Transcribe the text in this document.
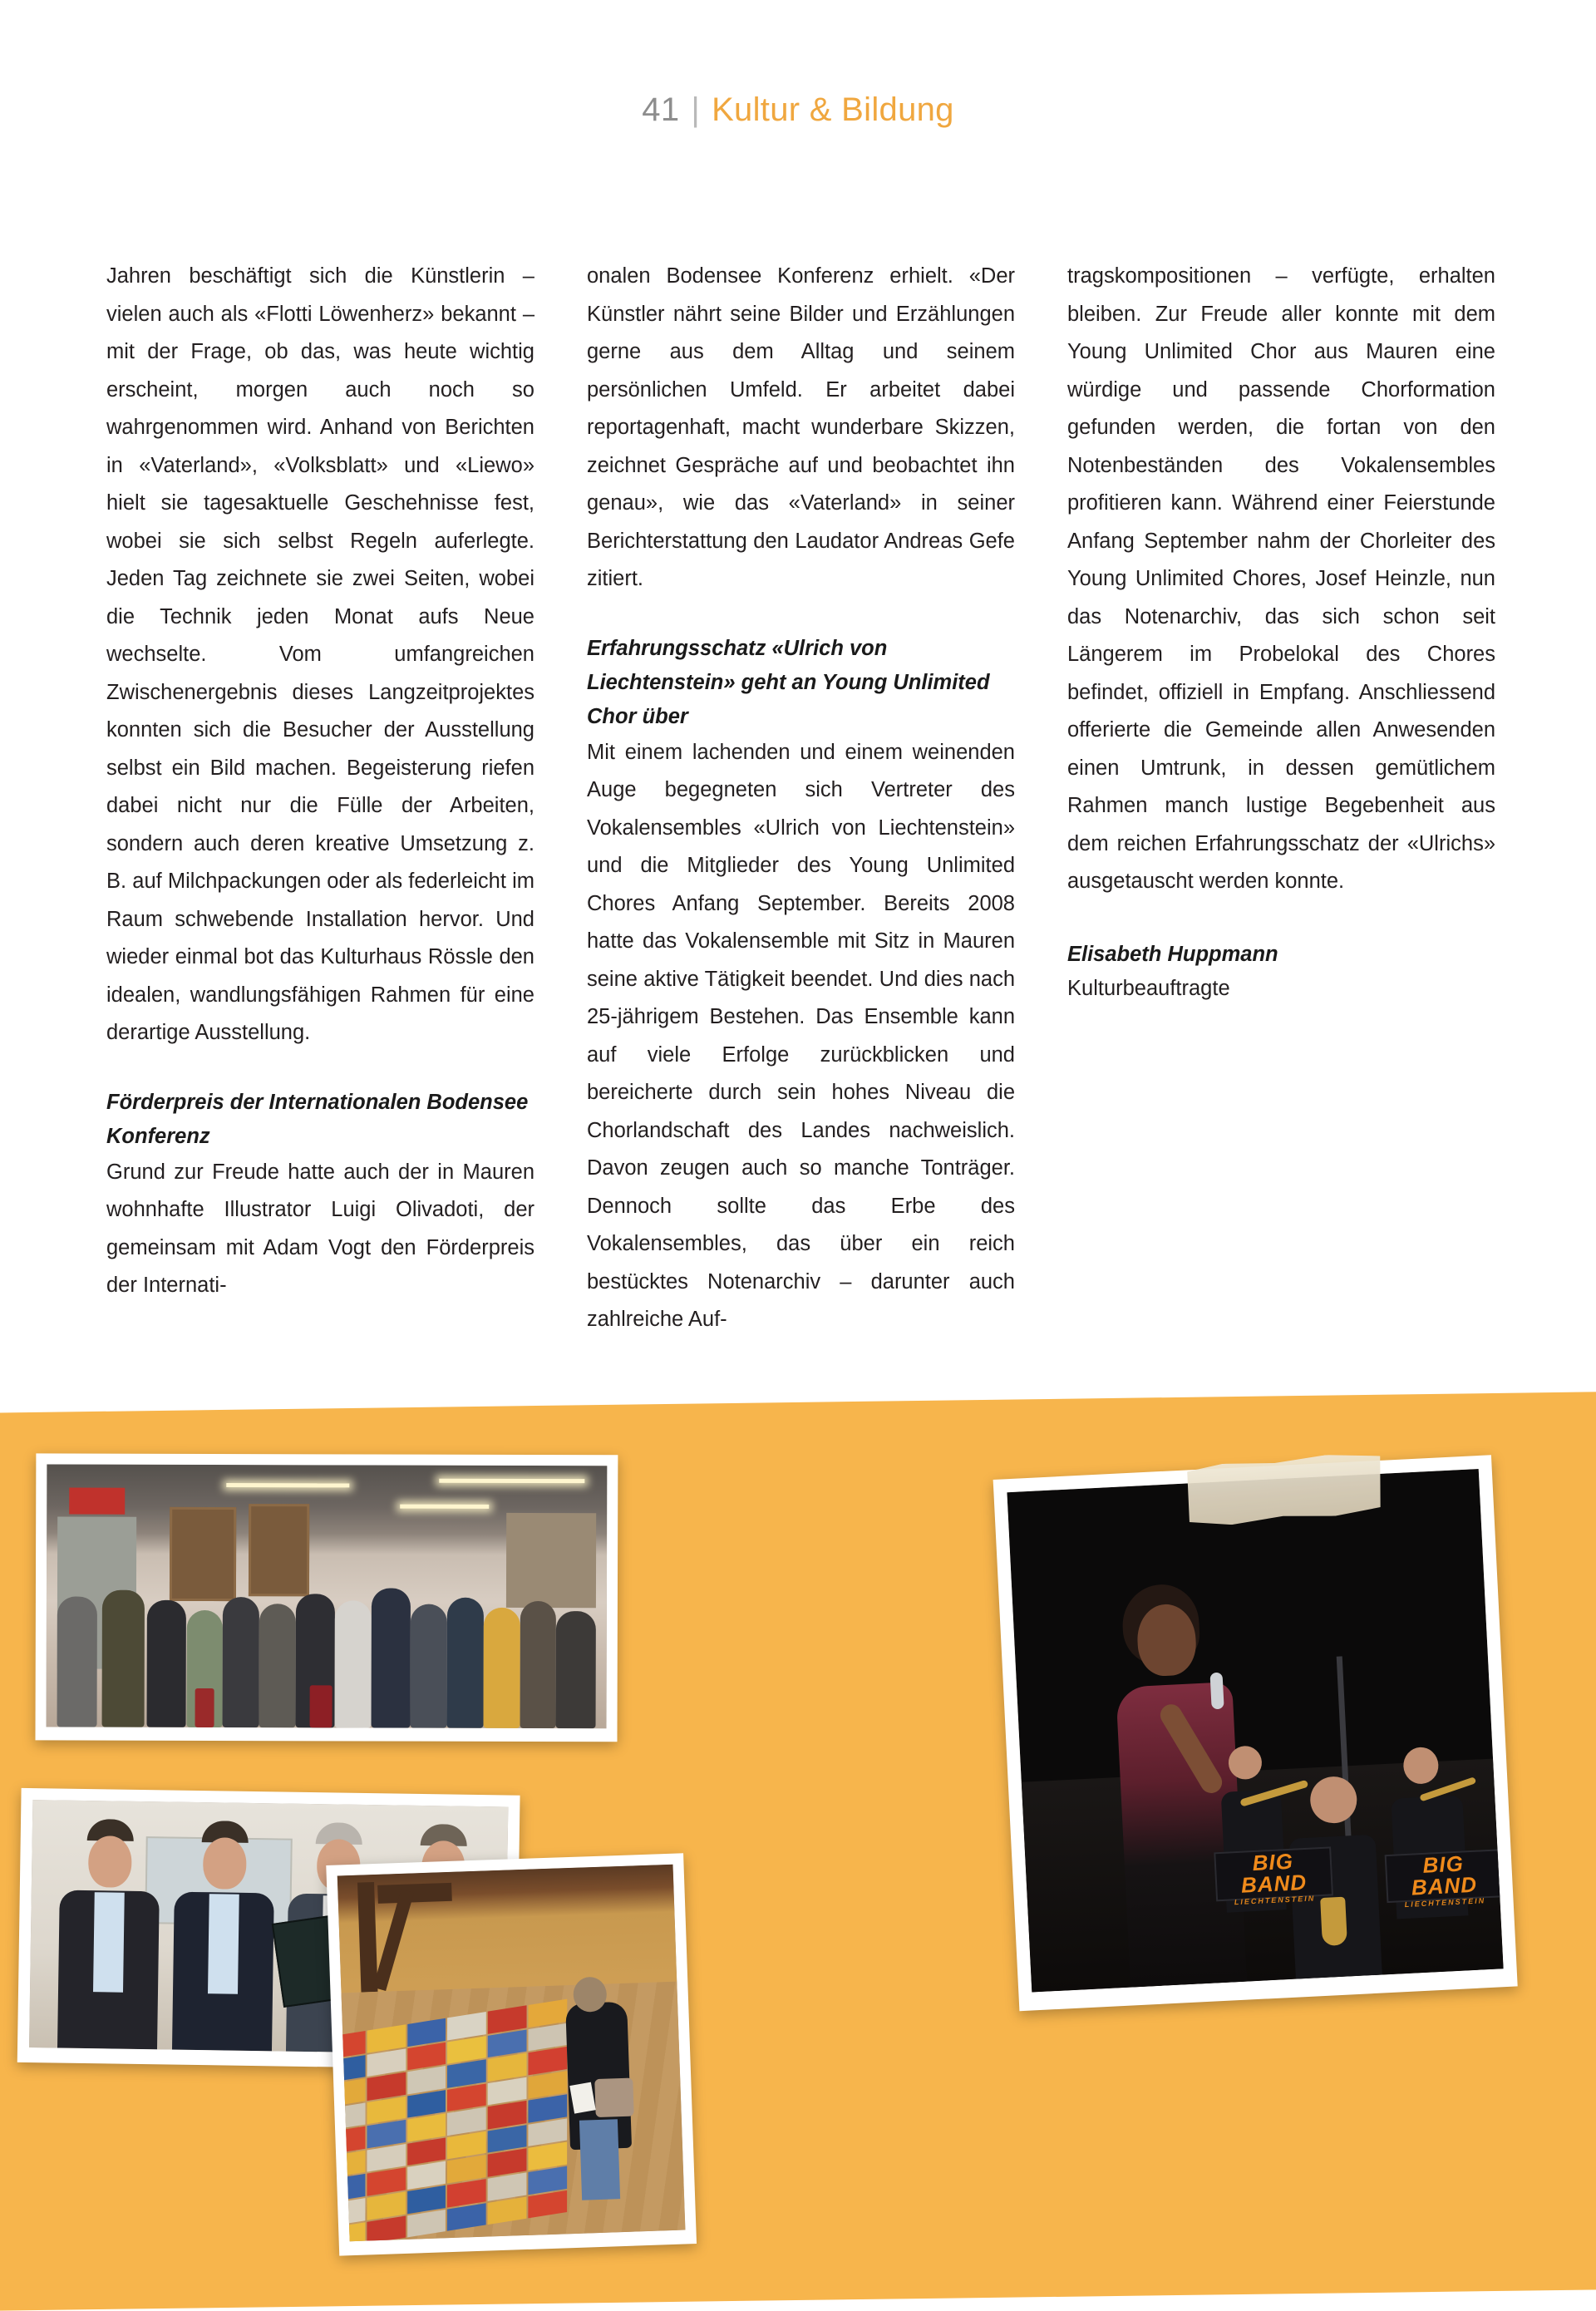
41 | Kultur & Bildung

Jahren beschäftigt sich die Künstlerin – vielen auch als «Flotti Löwenherz» bekannt – mit der Frage, ob das, was heute wichtig erscheint, morgen auch noch so wahrgenommen wird. Anhand von Berichten in «Vaterland», «Volksblatt» und «Liewo» hielt sie tagesaktuelle Geschehnisse fest, wobei sie sich selbst Regeln auferlegte. Jeden Tag zeichnete sie zwei Seiten, wobei die Technik jeden Monat aufs Neue wechselte. Vom umfangreichen Zwischenergebnis dieses Langzeitprojektes konnten sich die Besucher der Ausstellung selbst ein Bild machen. Begeisterung riefen dabei nicht nur die Fülle der Arbeiten, sondern auch deren kreative Umsetzung z. B. auf Milchpackungen oder als federleicht im Raum schwebende Installation hervor. Und wieder einmal bot das Kulturhaus Rössle den idealen, wandlungsfähigen Rahmen für eine derartige Ausstellung.

Förderpreis der Internationalen Bodensee Konferenz

Grund zur Freude hatte auch der in Mauren wohnhafte Illustrator Luigi Olivadoti, der gemeinsam mit Adam Vogt den Förderpreis der Internati-

onalen Bodensee Konferenz erhielt. «Der Künstler nährt seine Bilder und Erzählungen gerne aus dem Alltag und seinem persönlichen Umfeld. Er arbeitet dabei reportagenhaft, macht wunderbare Skizzen, zeichnet Gespräche auf und beobachtet ihn genau», wie das «Vaterland» in seiner Berichterstattung den Laudator Andreas Gefe zitiert.

Erfahrungsschatz «Ulrich von Liechtenstein» geht an Young Unlimited Chor über

Mit einem lachenden und einem weinenden Auge begegneten sich Vertreter des Vokalensembles «Ulrich von Liechtenstein» und die Mitglieder des Young Unlimited Chores Anfang September. Bereits 2008 hatte das Vokalensemble mit Sitz in Mauren seine aktive Tätigkeit beendet. Und dies nach 25-jährigem Bestehen. Das Ensemble kann auf viele Erfolge zurückblicken und bereicherte durch sein hohes Niveau die Chorlandschaft des Landes nachweislich. Davon zeugen auch so manche Tonträger. Dennoch sollte das Erbe des Vokalensembles, das über ein reich bestücktes Notenarchiv – darunter auch zahlreiche Auf-

tragskompositionen – verfügte, erhalten bleiben. Zur Freude aller konnte mit dem Young Unlimited Chor aus Mauren eine würdige und passende Chorformation gefunden werden, die fortan von den Notenbeständen des Vokalensembles profitieren kann. Während einer Feierstunde Anfang September nahm der Chorleiter des Young Unlimited Chores, Josef Heinzle, nun das Notenarchiv, das sich schon seit Längerem im Probelokal des Chores befindet, offiziell in Empfang. Anschliessend offerierte die Gemeinde allen Anwesenden einen Umtrunk, in dessen gemütlichem Rahmen manch lustige Begebenheit aus dem reichen Erfahrungsschatz der «Ulrichs» ausgetauscht werden konnte.

Elisabeth Huppmann
Kulturbeauftragte
BIG BAND
LIECHTENSTEIN
BIG BAND
LIECHTENSTEIN
